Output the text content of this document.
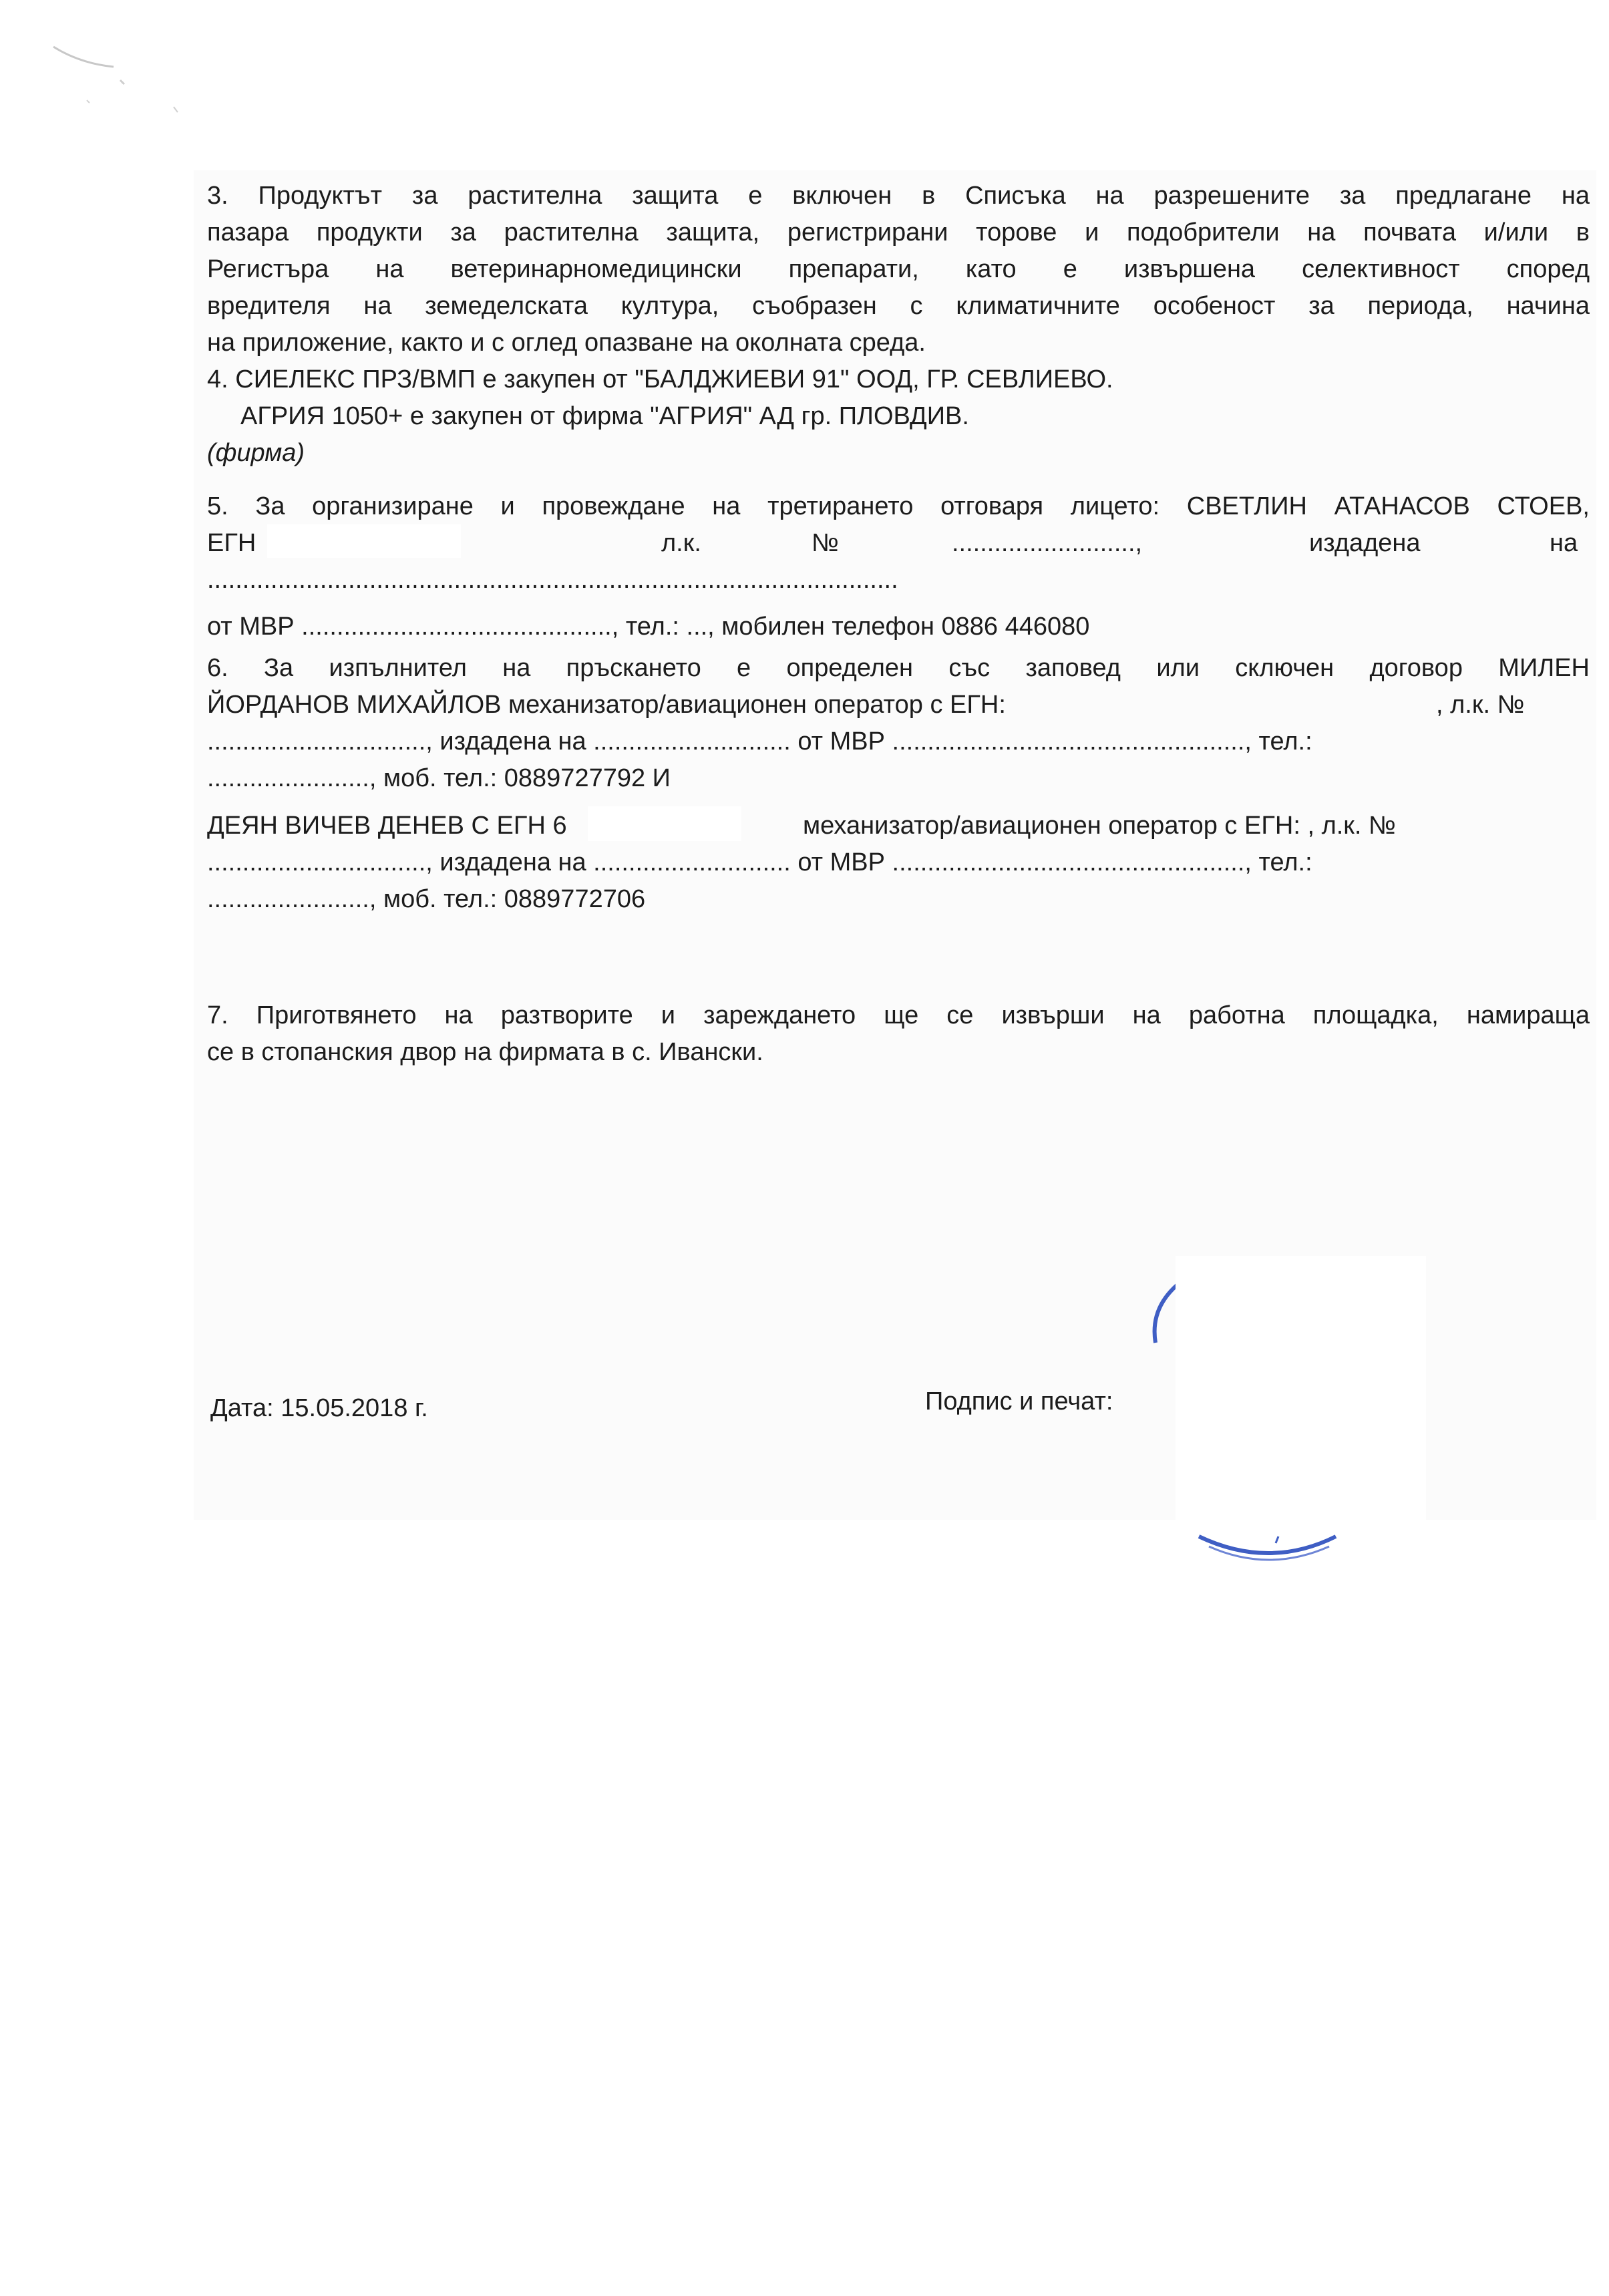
3. Продуктът за растителна защита е включен в Списъка на разрешените за предлагане на
пазара продукти за растителна защита, регистрирани торове и подобрители на почвата и/или в
Регистъра на ветеринарномедицински препарати, като е извършена селективност според
вредителя на земеделската култура, съобразен с климатичните особеност за периода, начина
на приложение, както и с оглед опазване на околната среда.
4. СИЕЛЕКС ПРЗ/ВМП е закупен от "БАЛДЖИЕВИ 91" ООД, ГР. СЕВЛИЕВО.
АГРИЯ 1050+ е закупен от фирма "АГРИЯ" АД гр. ПЛОВДИВ.
(фирма)
5. За организиране и провеждане на третирането отговаря лицето: СВЕТЛИН АТАНАСОВ СТОЕВ,
ЕГН	л.к.	№	..........................,	издадена	на
..................................................................................................
от МВР ............................................, тел.: ..., мобилен телефон 0886 446080
6. За изпълнител на пръскането е определен със заповед или сключен договор МИЛЕН
ЙОРДАНОВ МИХАЙЛОВ механизатор/авиационен оператор с ЕГН:	, л.к. №
..............................., издадена на ............................ от МВР .................................................., тел.:
......................., моб. тел.: 0889727792 И
ДЕЯН ВИЧЕВ ДЕНЕВ С ЕГН 6	механизатор/авиационен оператор с ЕГН: , л.к. №
..............................., издадена на ............................ от МВР .................................................., тел.:
......................., моб. тел.: 0889772706
7. Приготвянето на разтворите и зареждането ще се извърши на работна площадка, намираща
се в стопанския двор на фирмата в с. Ивански.
Дата: 15.05.2018 г.	Подпис и печат:
